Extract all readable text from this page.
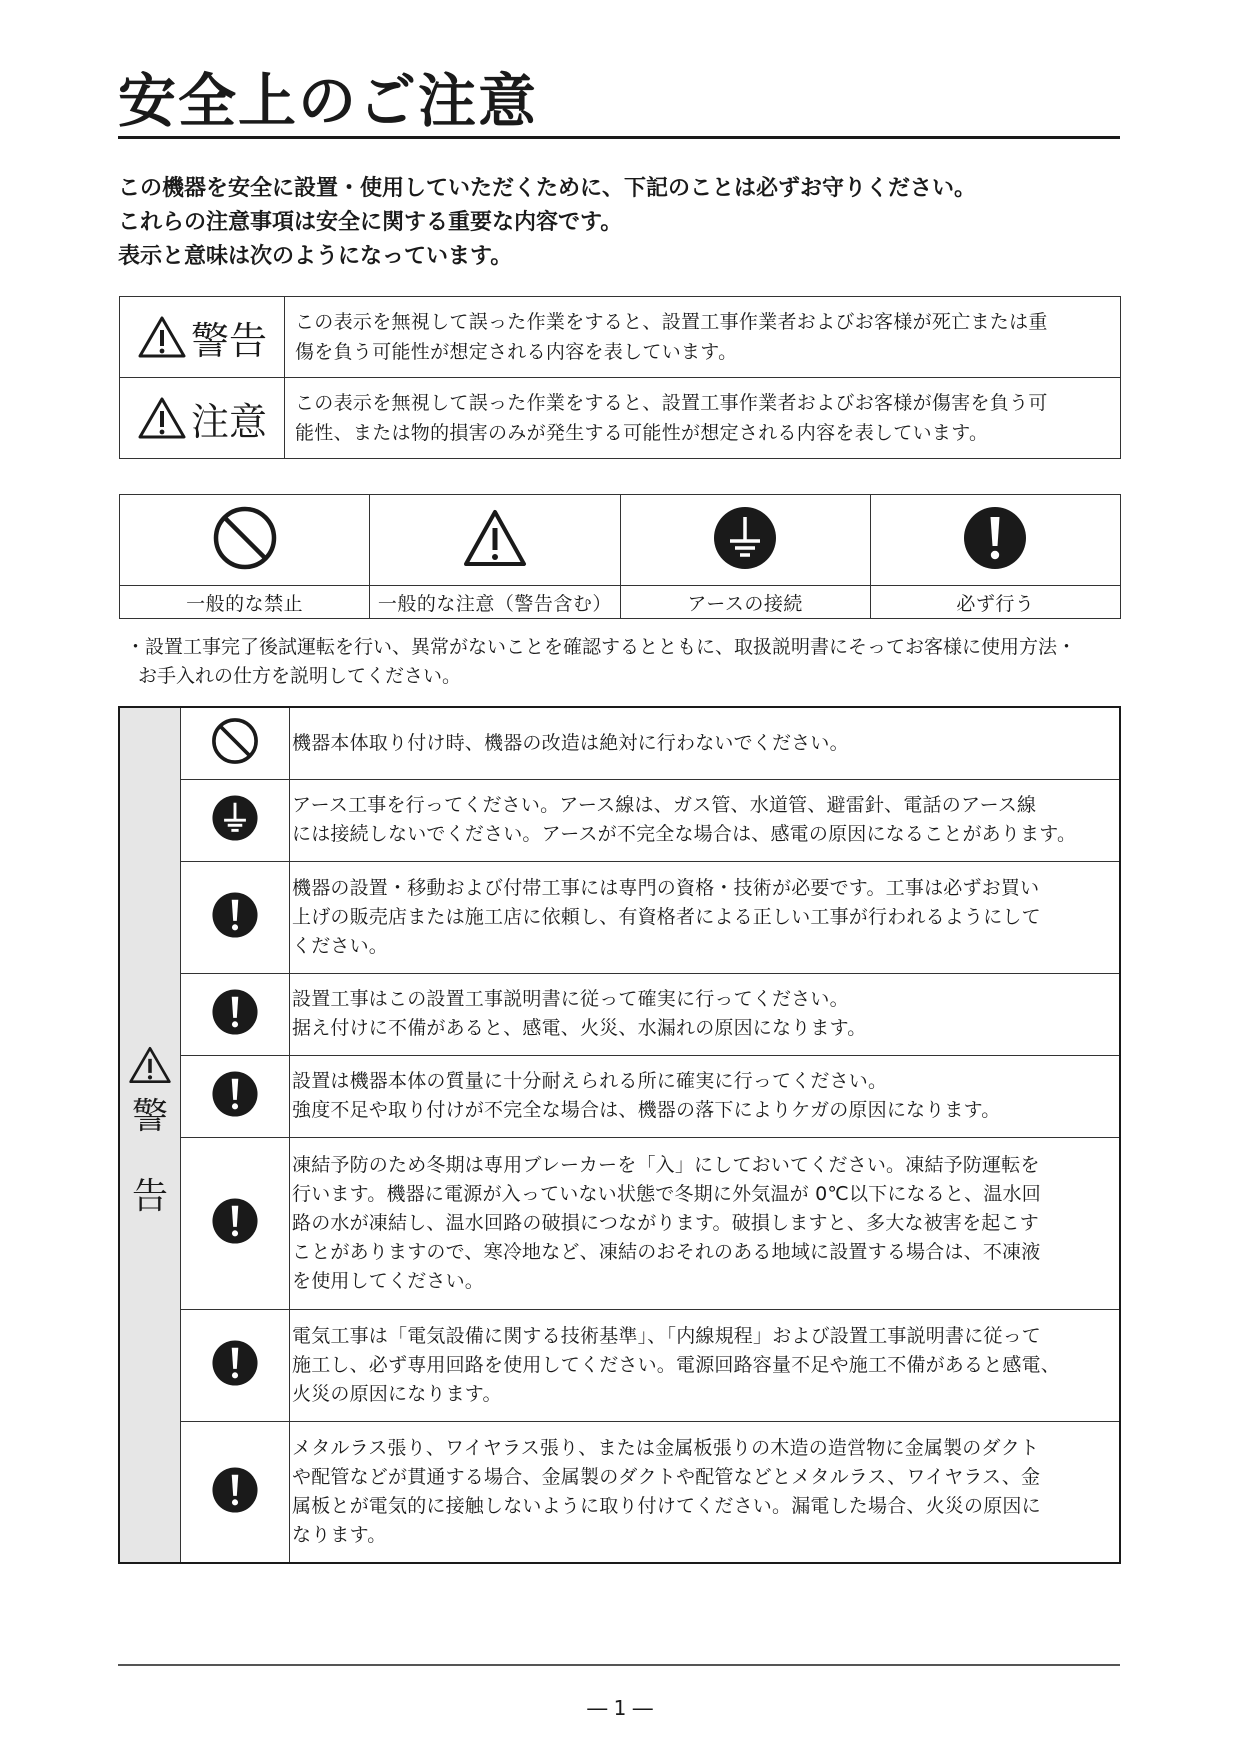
安全上のご注意
この機器を安全に設置・使用していただくために、下記のことは必ずお守りください。
これらの注意事項は安全に関する重要な内容です。
表示と意味は次のようになっています。
警告	この表示を無視して誤った作業をすると、設置工事作業者およびお客様が死亡または重
傷を負う可能性が想定される内容を表しています。

注意	この表示を無視して誤った作業をすると、設置工事作業者およびお客様が傷害を負う可
能性、または物的損害のみが発生する可能性が想定される内容を表しています。

一般的な禁止	一般的な注意（警告含む）	アースの接続	必ず行う
・設置工事完了後試運転を行い、異常がないことを確認するとともに、取扱説明書にそってお客様に使用方法・
お手入れの仕方を説明してください。
警
告		機器本体取り付け時、機器の改造は絶対に行わないでください。

アース工事を行ってください。アース線は、ガス管、水道管、避雷針、電話のアース線
には接続しないでください。アースが不完全な場合は、感電の原因になることがあります。

機器の設置・移動および付帯工事には専門の資格・技術が必要です。工事は必ずお買い
上げの販売店または施工店に依頼し、有資格者による正しい工事が行われるようにして
ください。

設置工事はこの設置工事説明書に従って確実に行ってください。
据え付けに不備があると、感電、火災、水漏れの原因になります。

設置は機器本体の質量に十分耐えられる所に確実に行ってください。
強度不足や取り付けが不完全な場合は、機器の落下によりケガの原因になります。

凍結予防のため冬期は専用ブレーカーを「入」にしておいてください。凍結予防運転を
行います。機器に電源が入っていない状態で冬期に外気温が 0℃以下になると、温水回
路の水が凍結し、温水回路の破損につながります。破損しますと、多大な被害を起こす
ことがありますので、寒冷地など、凍結のおそれのある地域に設置する場合は、不凍液
を使用してください。

電気工事は「電気設備に関する技術基準」、「内線規程」および設置工事説明書に従って
施工し、必ず専用回路を使用してください。電源回路容量不足や施工不備があると感電、
火災の原因になります。

メタルラス張り、ワイヤラス張り、または金属板張りの木造の造営物に金属製のダクト
や配管などが貫通する場合、金属製のダクトや配管などとメタルラス、ワイヤラス、金
属板とが電気的に接触しないように取り付けてください。漏電した場合、火災の原因に
なります。
― 1 ―
